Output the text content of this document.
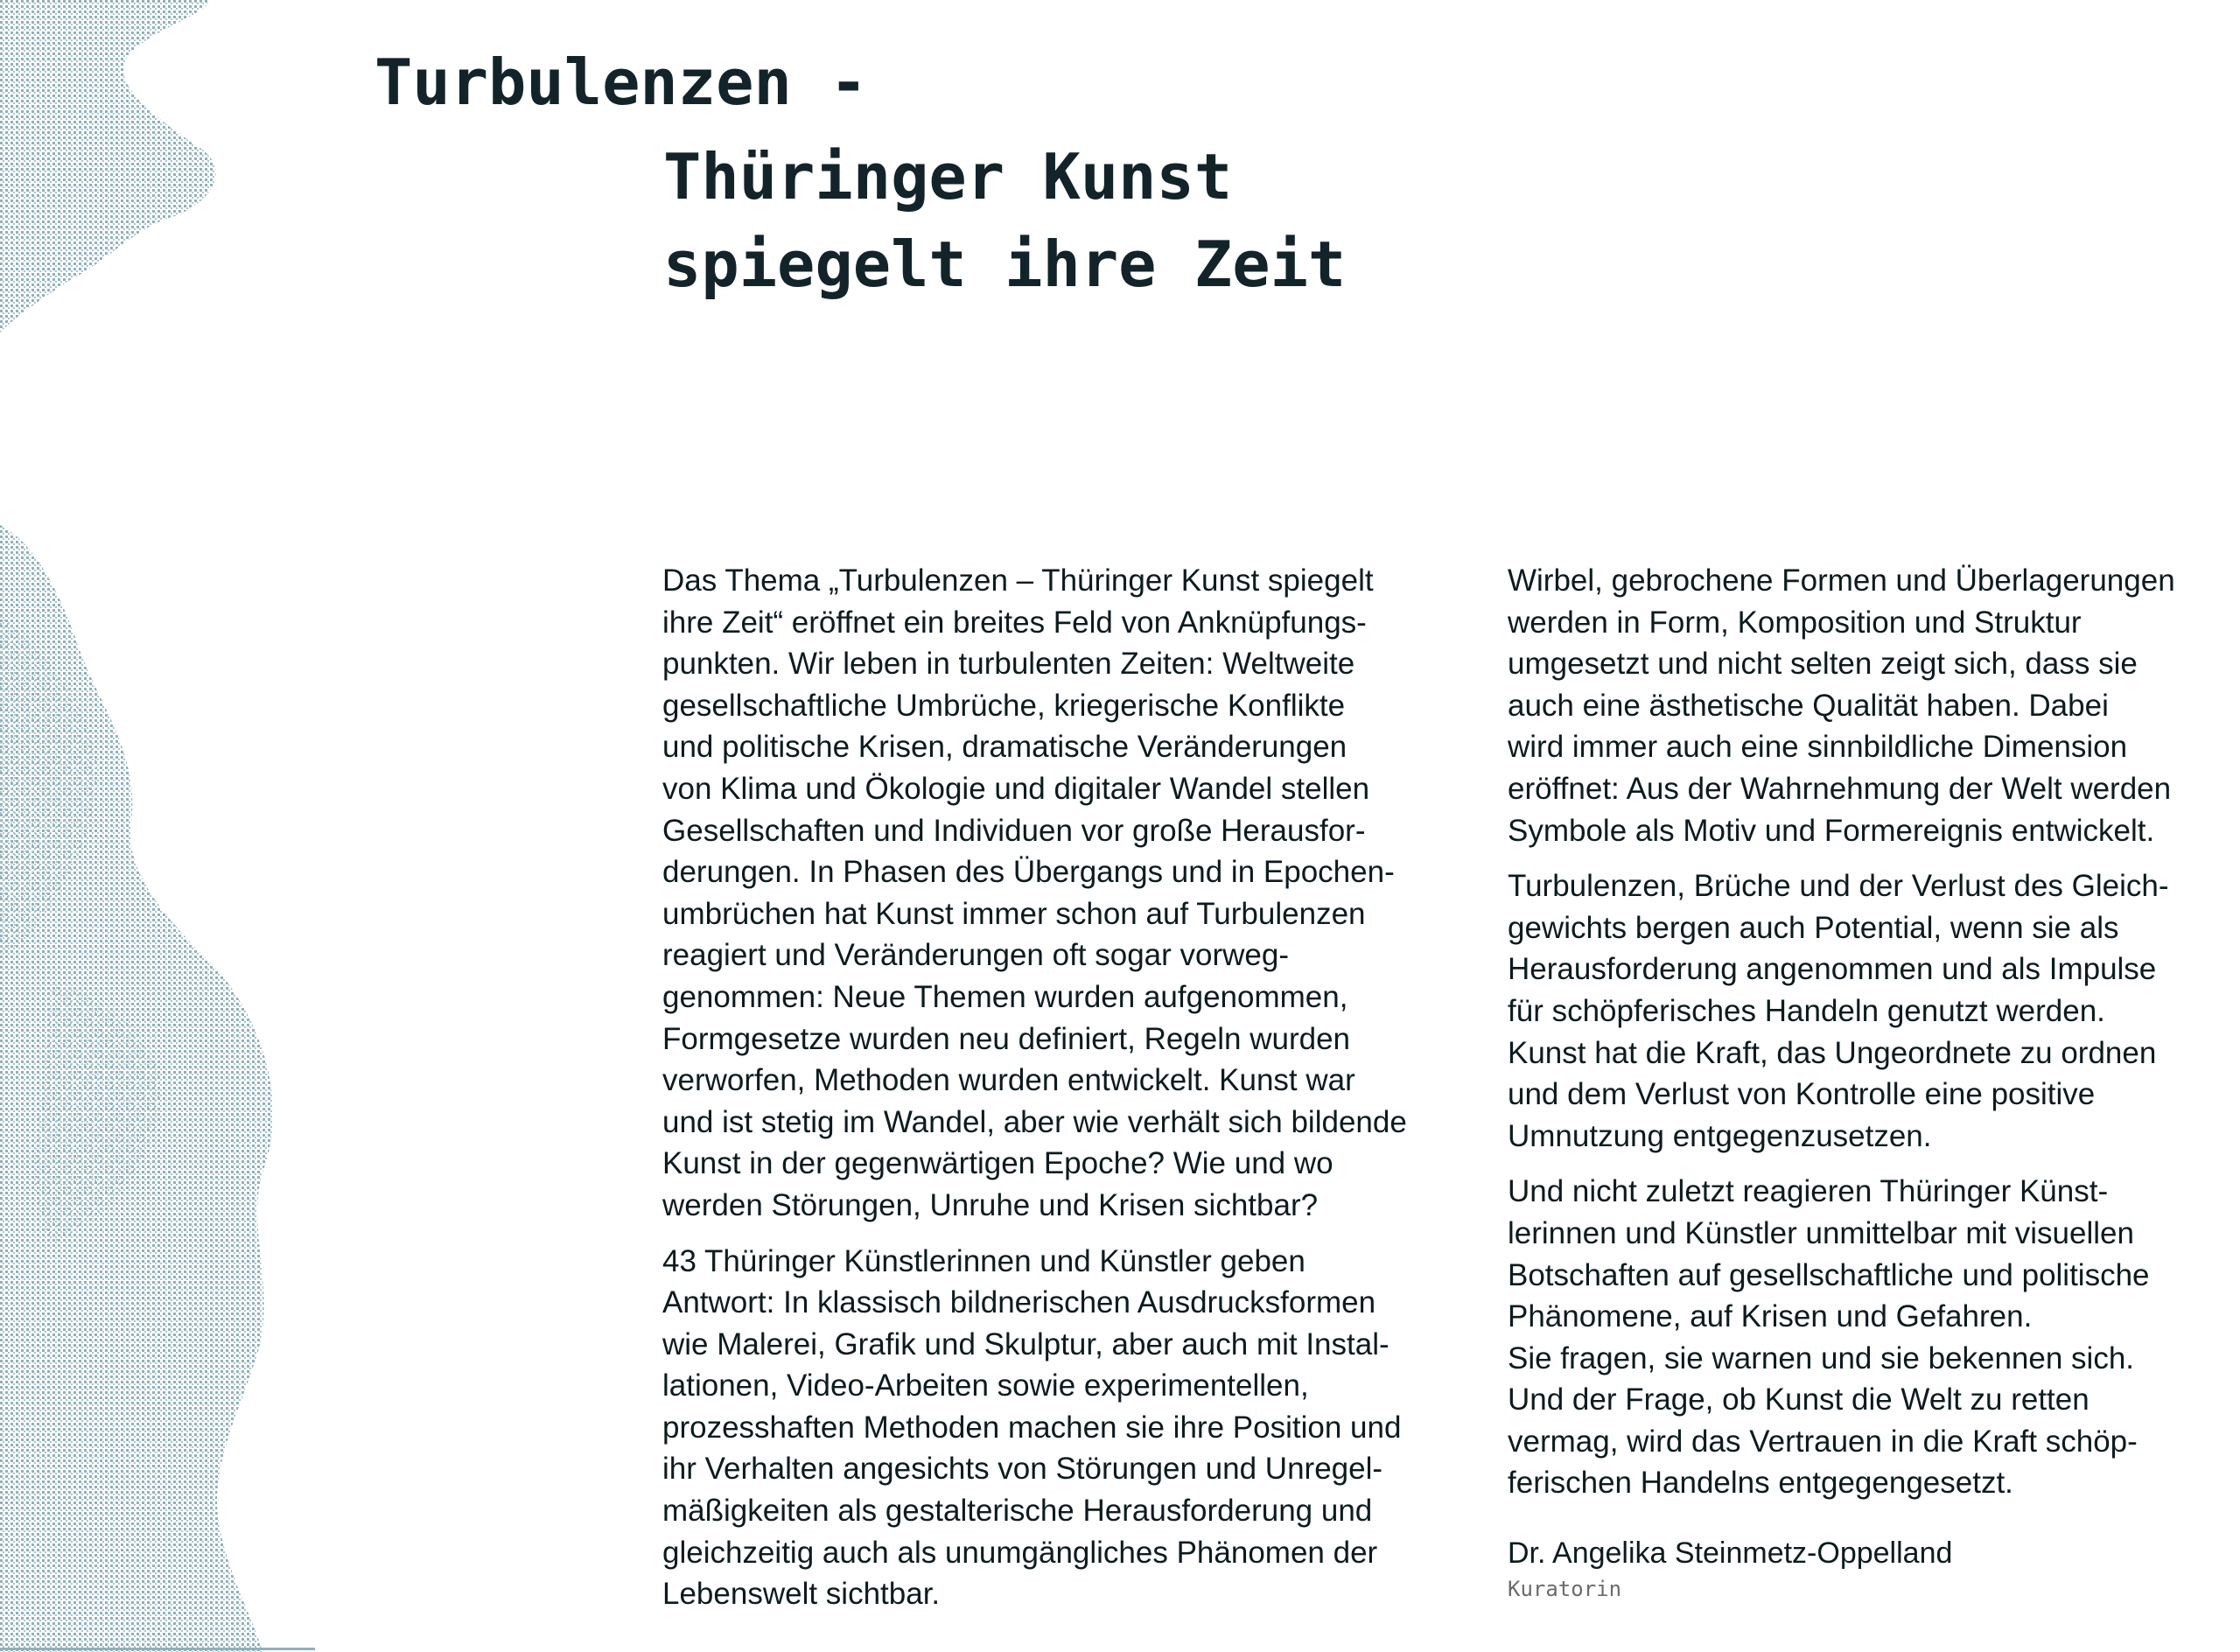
Turbulenzen -
Thüringer Kunst
spiegelt ihre Zeit

Das Thema „Turbulenzen – Thüringer Kunst spiegelt
ihre Zeit“ eröffnet ein breites Feld von Anknüpfungs-
punkten. Wir leben in turbulenten Zeiten: Weltweite
gesellschaftliche Umbrüche, kriegerische Konflikte
und politische Krisen, dramatische Veränderungen
von Klima und Ökologie und digitaler Wandel stellen
Gesellschaften und Individuen vor große Herausfor-
derungen. In Phasen des Übergangs und in Epochen-
umbrüchen hat Kunst immer schon auf Turbulenzen
reagiert und Veränderungen oft sogar vorweg-
genommen: Neue Themen wurden aufgenommen,
Formgesetze wurden neu definiert, Regeln wurden
verworfen, Methoden wurden entwickelt. Kunst war
und ist stetig im Wandel, aber wie verhält sich bildende
Kunst in der gegenwärtigen Epoche? Wie und wo
werden Störungen, Unruhe und Krisen sichtbar?

43 Thüringer Künstlerinnen und Künstler geben
Antwort: In klassisch bildnerischen Ausdrucksformen
wie Malerei, Grafik und Skulptur, aber auch mit Instal-
lationen, Video-Arbeiten sowie experimentellen,
prozesshaften Methoden machen sie ihre Position und
ihr Verhalten angesichts von Störungen und Unregel-
mäßigkeiten als gestalterische Herausforderung und
gleichzeitig auch als unumgängliches Phänomen der
Lebenswelt sichtbar.

Wirbel, gebrochene Formen und Überlagerungen
werden in Form, Komposition und Struktur
umgesetzt und nicht selten zeigt sich, dass sie
auch eine ästhetische Qualität haben. Dabei
wird immer auch eine sinnbildliche Dimension
eröffnet: Aus der Wahrnehmung der Welt werden
Symbole als Motiv und Formereignis entwickelt.

Turbulenzen, Brüche und der Verlust des Gleich-
gewichts bergen auch Potential, wenn sie als
Herausforderung angenommen und als Impulse
für schöpferisches Handeln genutzt werden.
Kunst hat die Kraft, das Ungeordnete zu ordnen
und dem Verlust von Kontrolle eine positive
Umnutzung entgegenzusetzen.

Und nicht zuletzt reagieren Thüringer Künst-
lerinnen und Künstler unmittelbar mit visuellen
Botschaften auf gesellschaftliche und politische
Phänomene, auf Krisen und Gefahren.
Sie fragen, sie warnen und sie bekennen sich.
Und der Frage, ob Kunst die Welt zu retten
vermag, wird das Vertrauen in die Kraft schöp-
ferischen Handelns entgegengesetzt.

Dr. Angelika Steinmetz-Oppelland
Kuratorin
